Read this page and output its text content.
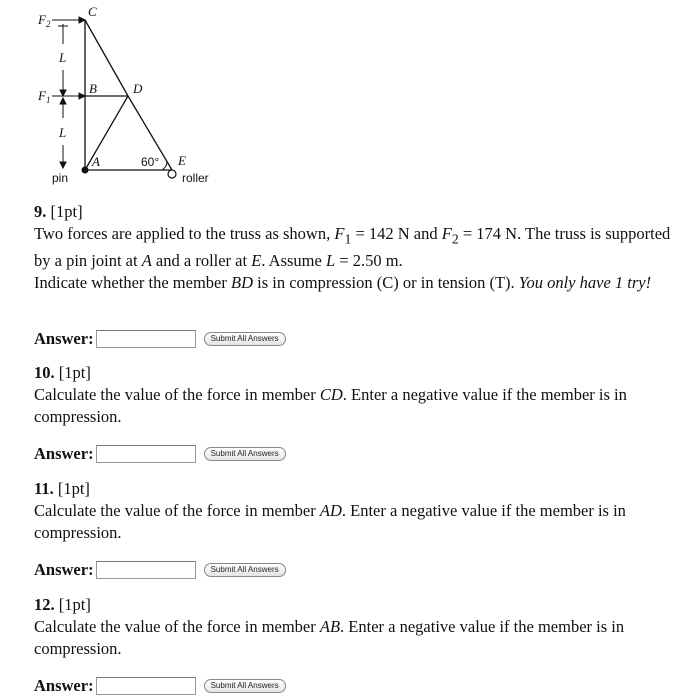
$F_2$
$F_1$
C
B	D
A	E
L
L
60°
pin	roller

9. [1pt]

Two forces are applied to the truss as shown, $F_1 = 142$ N and $F_2 = 174$ N. The truss is supported by a pin joint at A and a roller at E. Assume L = 2.50 m.

Indicate whether the member BD is in compression (C) or in tension (T). You only have 1 try!

Answer:	Submit All Answers

10. [1pt]

Calculate the value of the force in member CD. Enter a negative value if the member is in compression.

Answer:	Submit All Answers

11. [1pt]

Calculate the value of the force in member AD. Enter a negative value if the member is in compression.

Answer:	Submit All Answers

12. [1pt]

Calculate the value of the force in member AB. Enter a negative value if the member is in compression.

Answer:	Submit All Answers
